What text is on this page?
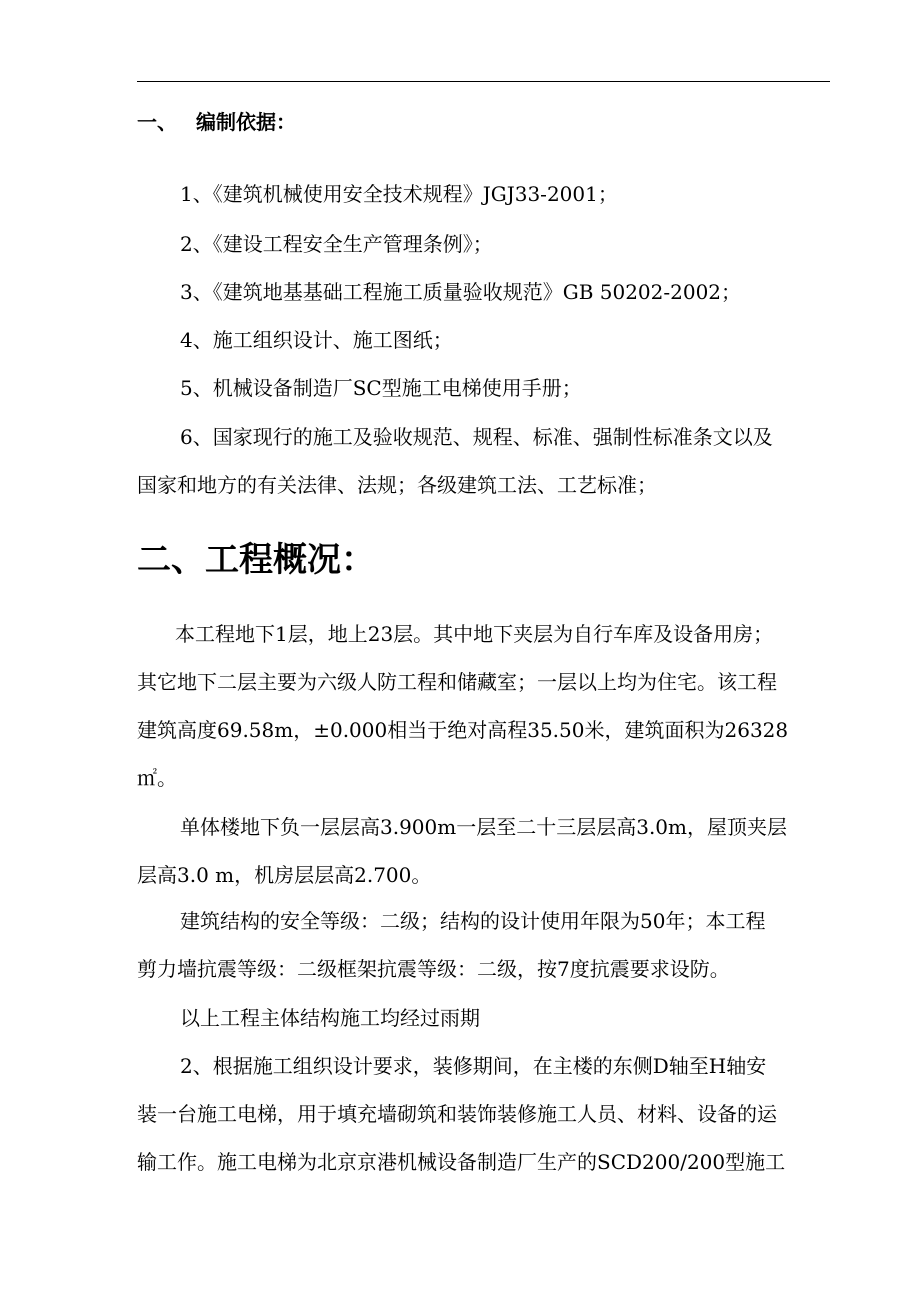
一、 编制依据：
1、《建筑机械使用安全技术规程》JGJ33-2001；
2、《建设工程安全生产管理条例》；
3、《建筑地基基础工程施工质量验收规范》GB 50202-2002；
4、施工组织设计、施工图纸；
5、机械设备制造厂SC型施工电梯使用手册；
6、国家现行的施工及验收规范、规程、标准、强制性标准条文以及
国家和地方的有关法律、法规；各级建筑工法、工艺标准；
二、工程概况：
本工程地下1层，地上23层。其中地下夹层为自行车库及设备用房；
其它地下二层主要为六级人防工程和储藏室；一层以上均为住宅。该工程
建筑高度69.58m，±0.000相当于绝对高程35.50米，建筑面积为26328
㎡。
单体楼地下负一层层高3.900m一层至二十三层层高3.0m，屋顶夹层
层高3.0 m，机房层层高2.700。
建筑结构的安全等级：二级；结构的设计使用年限为50年；本工程
剪力墙抗震等级：二级框架抗震等级：二级，按7度抗震要求设防。
以上工程主体结构施工均经过雨期
2、根据施工组织设计要求，装修期间，在主楼的东侧D轴至H轴安
装一台施工电梯，用于填充墙砌筑和装饰装修施工人员、材料、设备的运
输工作。施工电梯为北京京港机械设备制造厂生产的SCD200/200型施工
